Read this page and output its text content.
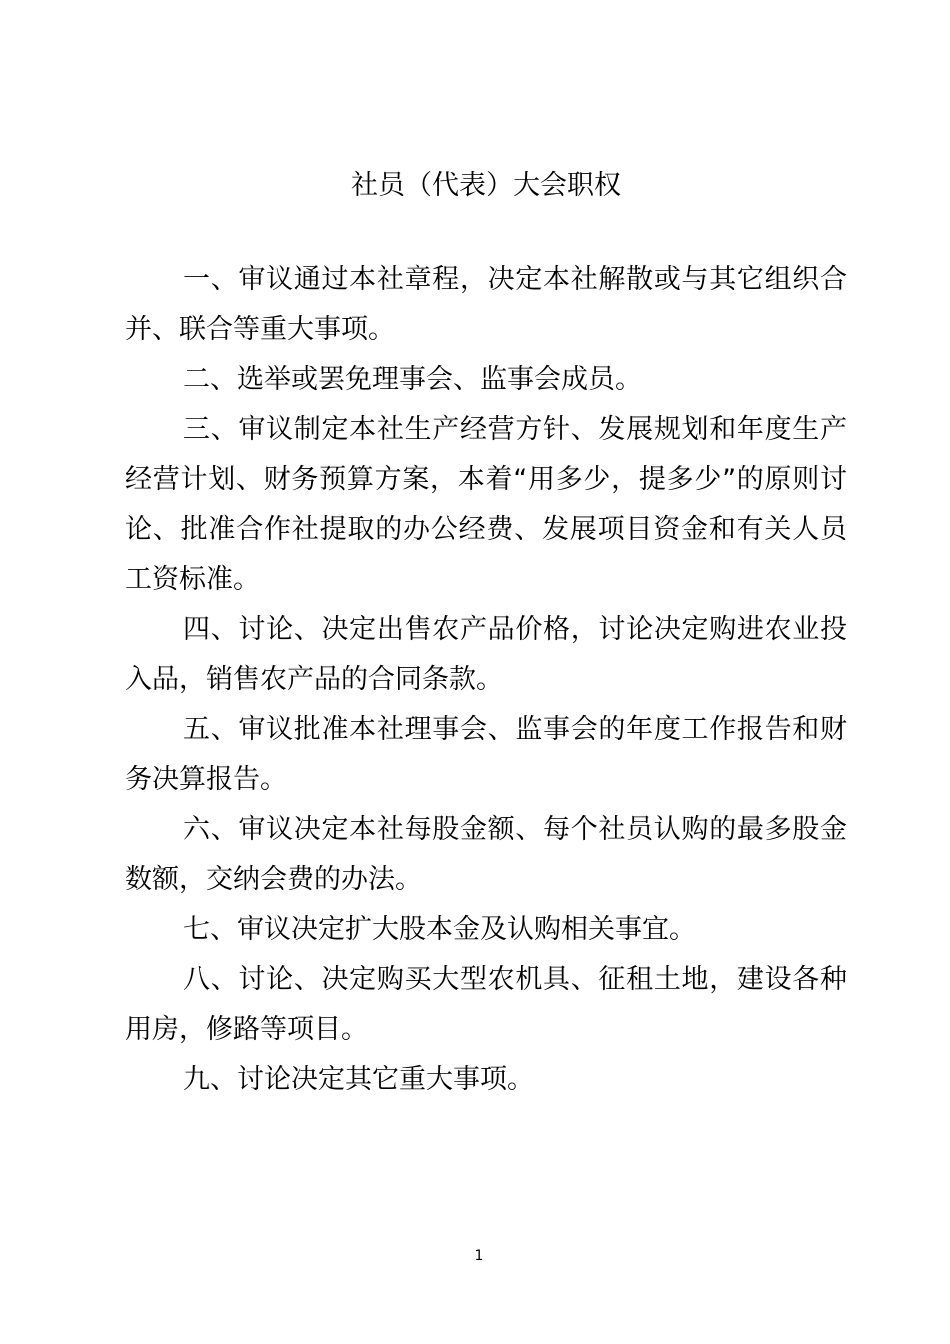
社员（代表）大会职权

一、审议通过本社章程，决定本社解散或与其它组织合并、联合等重大事项。

二、选举或罢免理事会、监事会成员。

三、审议制定本社生产经营方针、发展规划和年度生产经营计划、财务预算方案，本着“用多少，提多少”的原则讨论、批准合作社提取的办公经费、发展项目资金和有关人员工资标准。

四、讨论、决定出售农产品价格，讨论决定购进农业投入品，销售农产品的合同条款。

五、审议批准本社理事会、监事会的年度工作报告和财务决算报告。

六、审议决定本社每股金额、每个社员认购的最多股金数额，交纳会费的办法。

七、审议决定扩大股本金及认购相关事宜。

八、讨论、决定购买大型农机具、征租土地，建设各种用房，修路等项目。

九、讨论决定其它重大事项。

1
